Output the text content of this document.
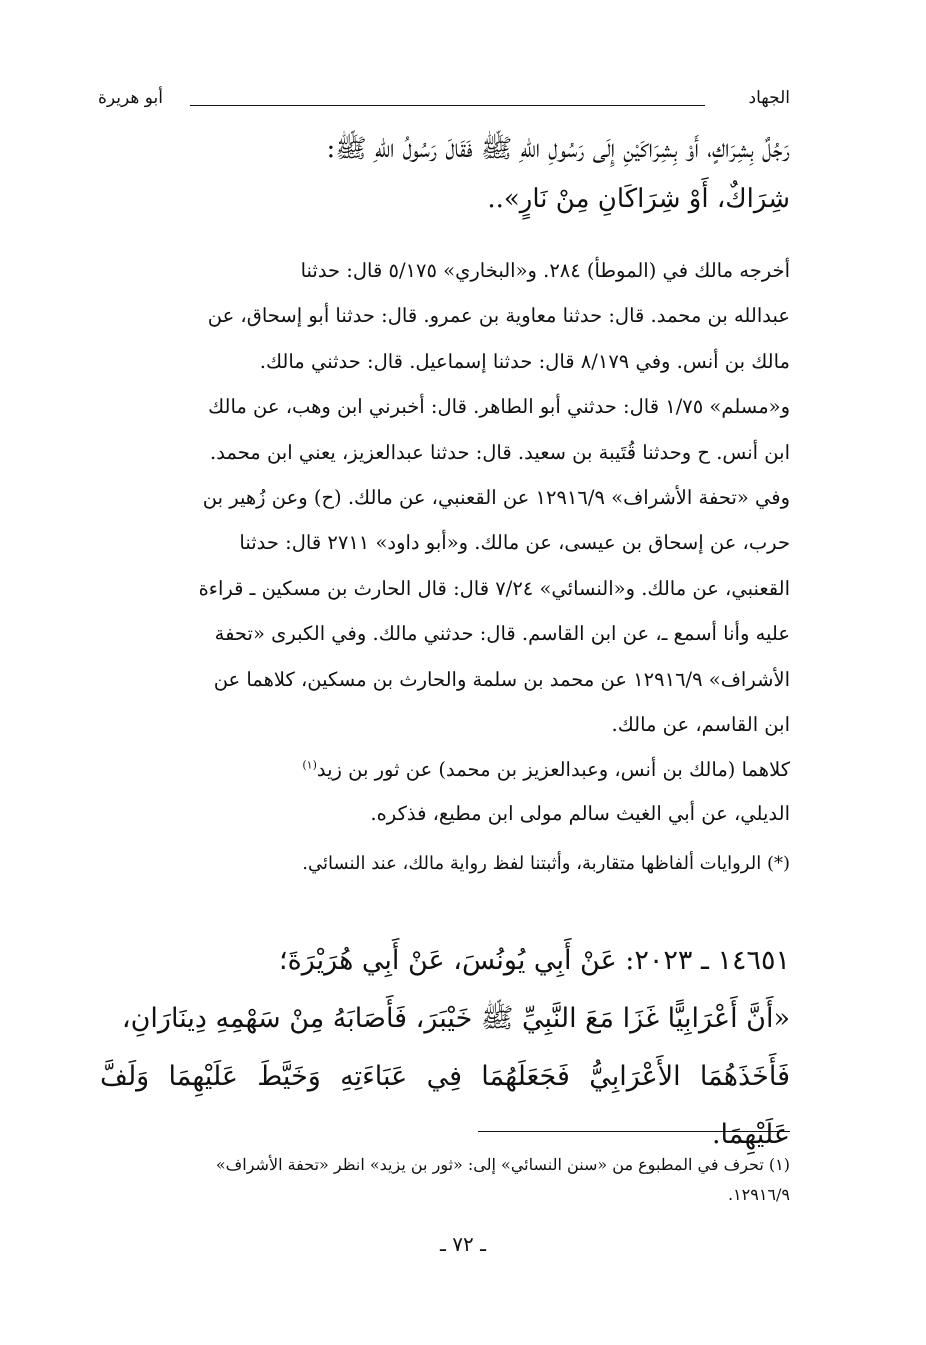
الجهاد
أبو هريرة
رَجُلٌ بِشِرَاكٍ، أَوْ بِشِرَاكَيْنِ إِلَى رَسُولِ اللهِ ﷺ فَقَالَ رَسُولُ اللهِ ﷺ:
شِرَاكٌ، أَوْ شِرَاكَانِ مِنْ نَارٍ»..
أخرجه مالك في (الموطأ) ٢٨٤. و«البخاري» ٥/١٧٥ قال: حدثنا
عبدالله بن محمد. قال: حدثنا معاوية بن عمرو. قال: حدثنا أبو إسحاق، عن
مالك بن أنس. وفي ٨/١٧٩ قال: حدثنا إسماعيل. قال: حدثني مالك.
و«مسلم» ١/٧٥ قال: حدثني أبو الطاهر. قال: أخبرني ابن وهب، عن مالك
ابن أنس. ح وحدثنا قُتَيبة بن سعيد. قال: حدثنا عبدالعزيز، يعني ابن محمد.
وفي «تحفة الأشراف» ١٢٩١٦/٩ عن القعنبي، عن مالك. (ح) وعن زُهير بن
حرب، عن إسحاق بن عيسى، عن مالك. و«أبو داود» ٢٧١١ قال: حدثنا
القعنبي، عن مالك. و«النسائي» ٧/٢٤ قال: قال الحارث بن مسكين ـ قراءة
عليه وأنا أسمع ـ، عن ابن القاسم. قال: حدثني مالك. وفي الكبرى «تحفة
الأشراف» ١٢٩١٦/٩ عن محمد بن سلمة والحارث بن مسكين، كلاهما عن
ابن القاسم، عن مالك.
كلاهما (مالك بن أنس، وعبدالعزيز بن محمد) عن ثور بن زيد$^{(١)}$
الديلي، عن أبي الغيث سالم مولى ابن مطيع، فذكره.
(*) الروايات ألفاظها متقاربة، وأثبتنا لفظ رواية مالك، عند النسائي.
١٤٦٥١ ـ ٢٠٢٣: عَنْ أَبِي يُونُسَ، عَنْ أَبِي هُرَيْرَةَ؛
«أَنَّ أَعْرَابِيًّا غَزَا مَعَ النَّبِيِّ ﷺ خَيْبَرَ، فَأَصَابَهُ مِنْ سَهْمِهِ دِينَارَانِ،
فَأَخَذَهُمَا الأَعْرَابِيُّ فَجَعَلَهُمَا فِي عَبَاءَتِهِ وَخَيَّطَ عَلَيْهِمَا وَلَفَّ عَلَيْهِمَا.
(١) تحرف في المطبوع من «سنن النسائي» إلى: «ثور بن يزيد» انظر «تحفة الأشراف»
١٢٩١٦/٩.
ـ ٧٢ ـ
